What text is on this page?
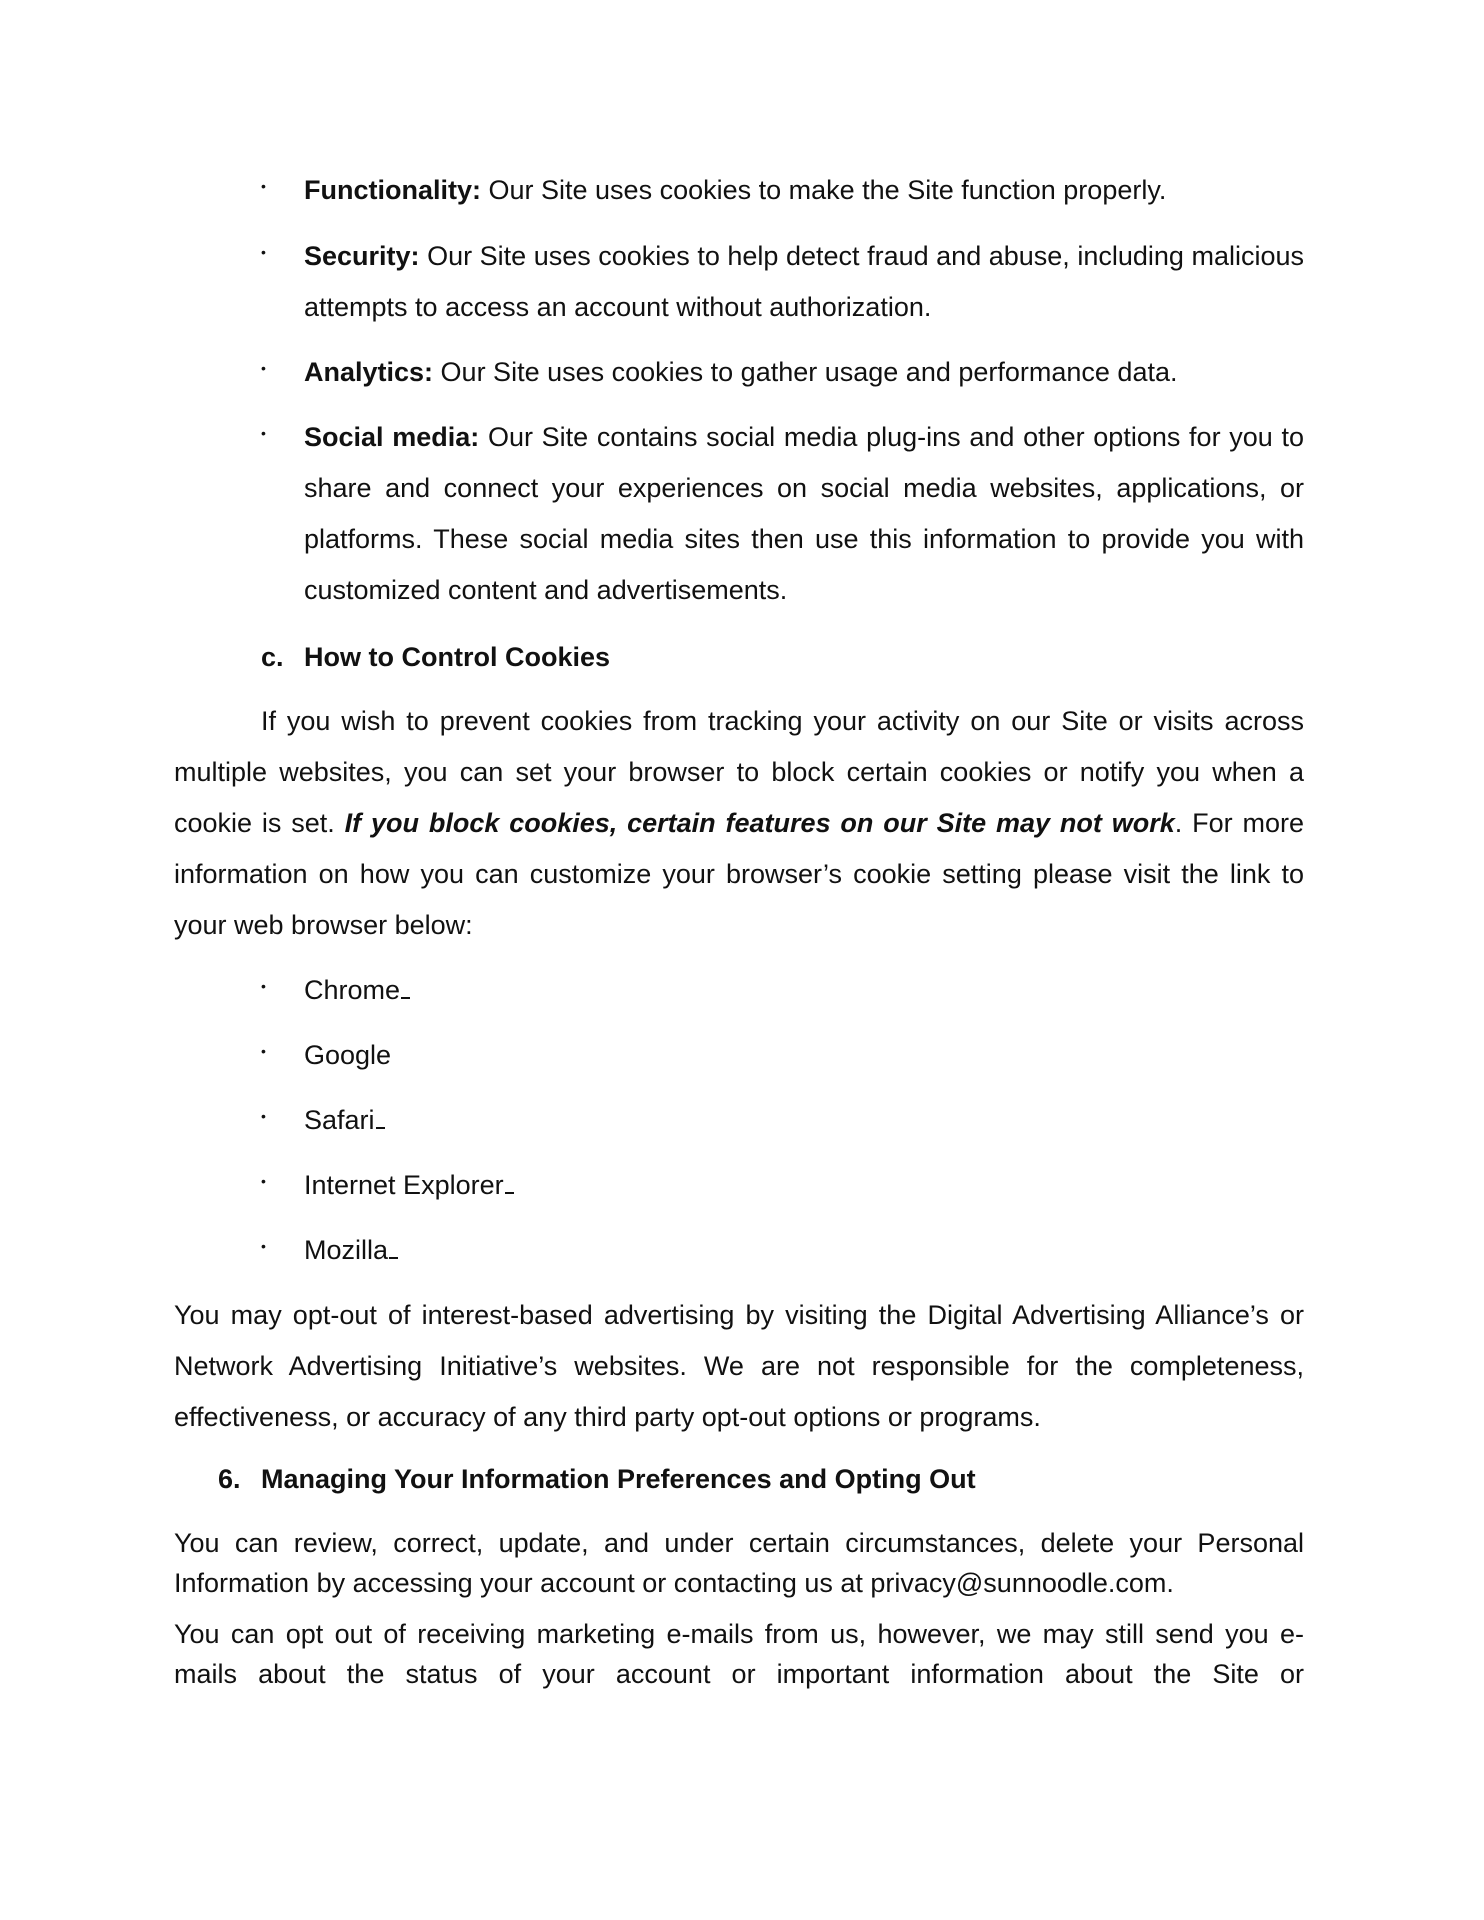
• Functionality: Our Site uses cookies to make the Site function properly.
• Security: Our Site uses cookies to help detect fraud and abuse, including malicious attempts to access an account without authorization.
• Analytics: Our Site uses cookies to gather usage and performance data.
• Social media: Our Site contains social media plug-ins and other options for you to share and connect your experiences on social media websites, applications, or platforms. These social media sites then use this information to provide you with customized content and advertisements.
c. How to Control Cookies
If you wish to prevent cookies from tracking your activity on our Site or visits across multiple websites, you can set your browser to block certain cookies or notify you when a cookie is set. If you block cookies, certain features on our Site may not work. For more information on how you can customize your browser’s cookie setting please visit the link to your web browser below:
• Chrome
• Google
• Safari
• Internet Explorer
• Mozilla
You may opt-out of interest-based advertising by visiting the Digital Advertising Alliance’s or Network Advertising Initiative’s websites. We are not responsible for the completeness, effectiveness, or accuracy of any third party opt-out options or programs.
6. Managing Your Information Preferences and Opting Out
You can review, correct, update, and under certain circumstances, delete your Personal Information by accessing your account or contacting us at privacy@sunnoodle.com.
You can opt out of receiving marketing e-mails from us, however, we may still send you e-mails about the status of your account or important information about the Site or
